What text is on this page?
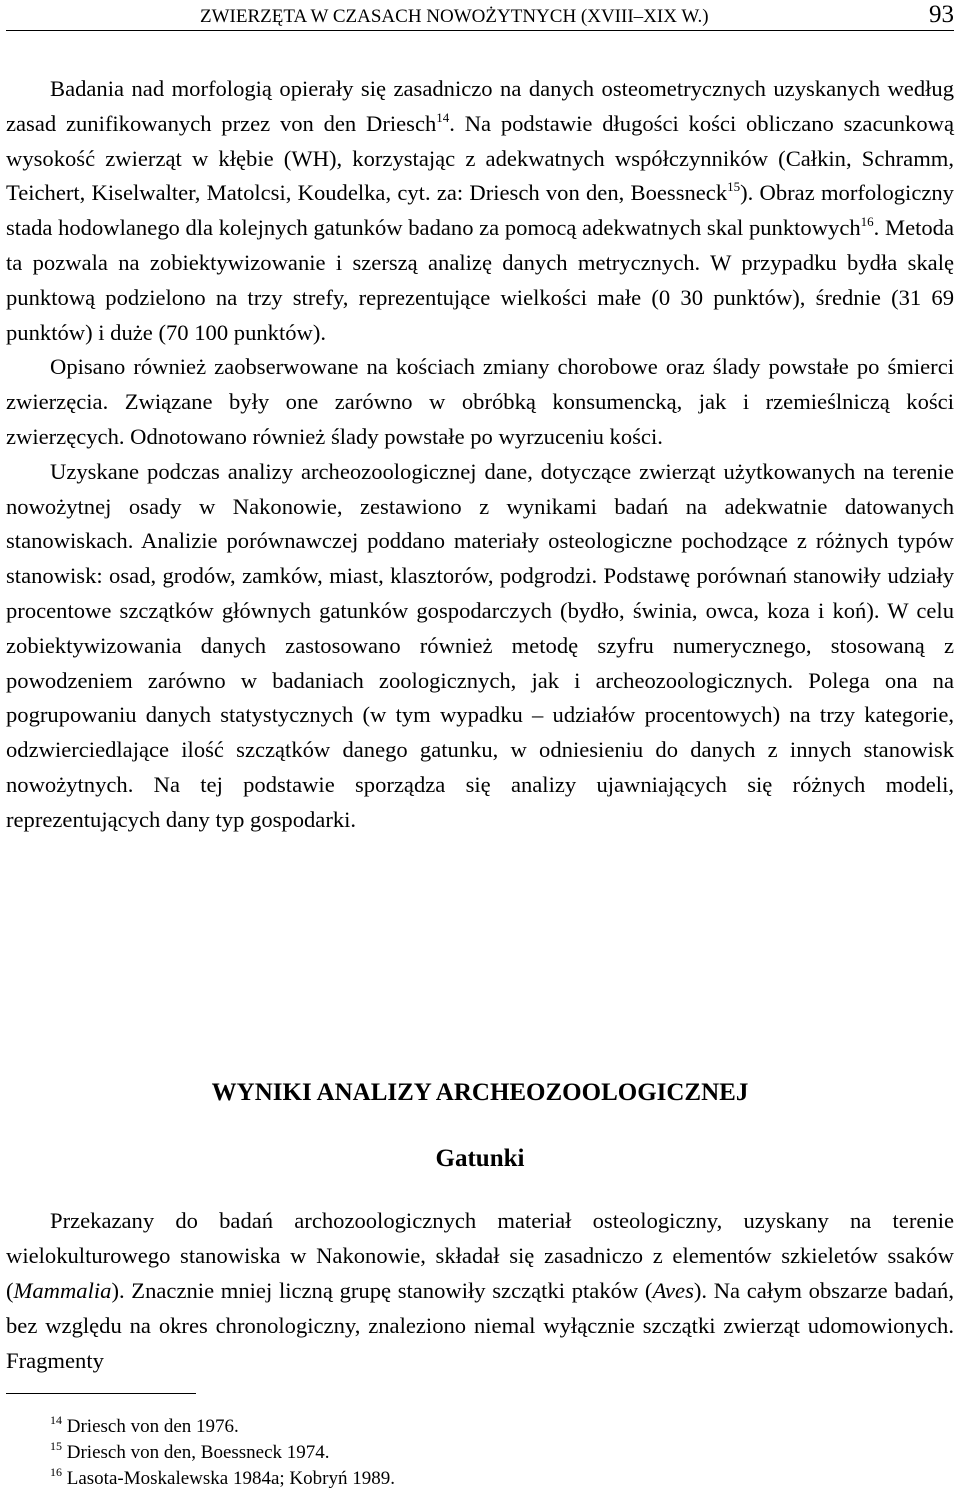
ZWIERZĘTA W CZASACH NOWOŻYTNYCH (XVIII–XIX W.)	93

Badania nad morfologią opierały się zasadniczo na danych osteometrycznych uzyskanych według zasad zunifikowanych przez von den Driesch$^{14}$. Na podstawie długości kości obliczano szacunkową wysokość zwierząt w kłębie (WH), korzystając z adekwatnych współczynników (Całkin, Schramm, Teichert, Kiselwalter, Matolcsi, Koudelka, cyt. za: Driesch von den, Boessneck$^{15}$). Obraz morfologiczny stada hodowlanego dla kolejnych gatunków badano za pomocą adekwatnych skal punktowych$^{16}$. Metoda ta pozwala na zobiektywizowanie i szerszą analizę danych metrycznych. W przypadku bydła skalę punktową podzielono na trzy strefy, reprezentujące wielkości małe (0 30 punktów), średnie (31 69 punktów) i duże (70 100 punktów).

Opisano również zaobserwowane na kościach zmiany chorobowe oraz ślady powstałe po śmierci zwierzęcia. Związane były one zarówno w obróbką konsumencką, jak i rzemieślniczą kości zwierzęcych. Odnotowano również ślady powstałe po wyrzuceniu kości.

Uzyskane podczas analizy archeozoologicznej dane, dotyczące zwierząt użytkowanych na terenie nowożytnej osady w Nakonowie, zestawiono z wynikami badań na adekwatnie datowanych stanowiskach. Analizie porównawczej poddano materiały osteologiczne pochodzące z różnych typów stanowisk: osad, grodów, zamków, miast, klasztorów, podgrodzi. Podstawę porównań stanowiły udziały procentowe szczątków głównych gatunków gospodarczych (bydło, świnia, owca, koza i koń). W celu zobiektywizowania danych zastosowano również metodę szyfru numerycznego, stosowaną z powodzeniem zarówno w badaniach zoologicznych, jak i archeozoologicznych. Polega ona na pogrupowaniu danych statystycznych (w tym wypadku – udziałów procentowych) na trzy kategorie, odzwierciedlające ilość szczątków danego gatunku, w odniesieniu do danych z innych stanowisk nowożytnych. Na tej podstawie sporządza się analizy ujawniających się różnych modeli, reprezentujących dany typ gospodarki.

WYNIKI ANALIZY ARCHEOZOOLOGICZNEJ
Gatunki

Przekazany do badań archozoologicznych materiał osteologiczny, uzyskany na terenie wielokulturowego stanowiska w Nakonowie, składał się zasadniczo z elementów szkieletów ssaków (Mammalia). Znacznie mniej liczną grupę stanowiły szczątki ptaków (Aves). Na całym obszarze badań, bez względu na okres chronologiczny, znaleziono niemal wyłącznie szczątki zwierząt udomowionych. Fragmenty

$^{14}$ Driesch von den 1976.
$^{15}$ Driesch von den, Boessneck 1974.
$^{16}$ Lasota-Moskalewska 1984a; Kobryń 1989.
